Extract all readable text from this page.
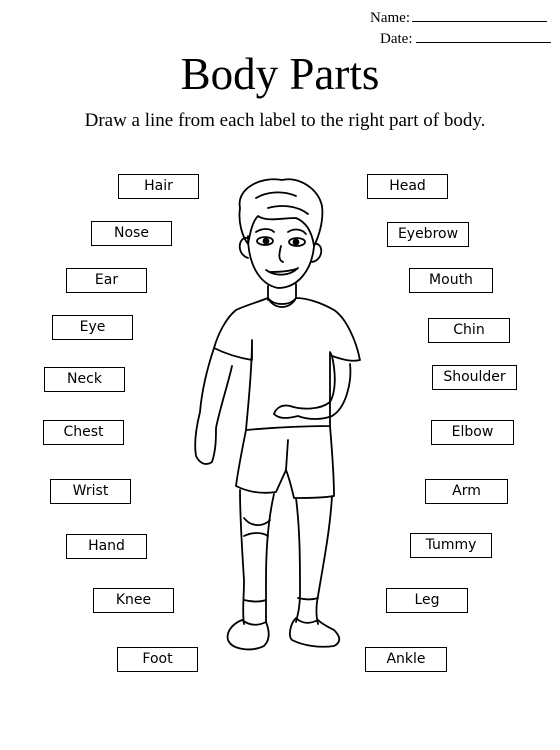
Name:
Date:
Body Parts
Draw a line from each label to the right part of body.
Hair
Nose
Ear
Eye
Neck
Chest
Wrist
Hand
Knee
Foot
Head
Eyebrow
Mouth
Chin
Shoulder
Elbow
Arm
Tummy
Leg
Ankle
